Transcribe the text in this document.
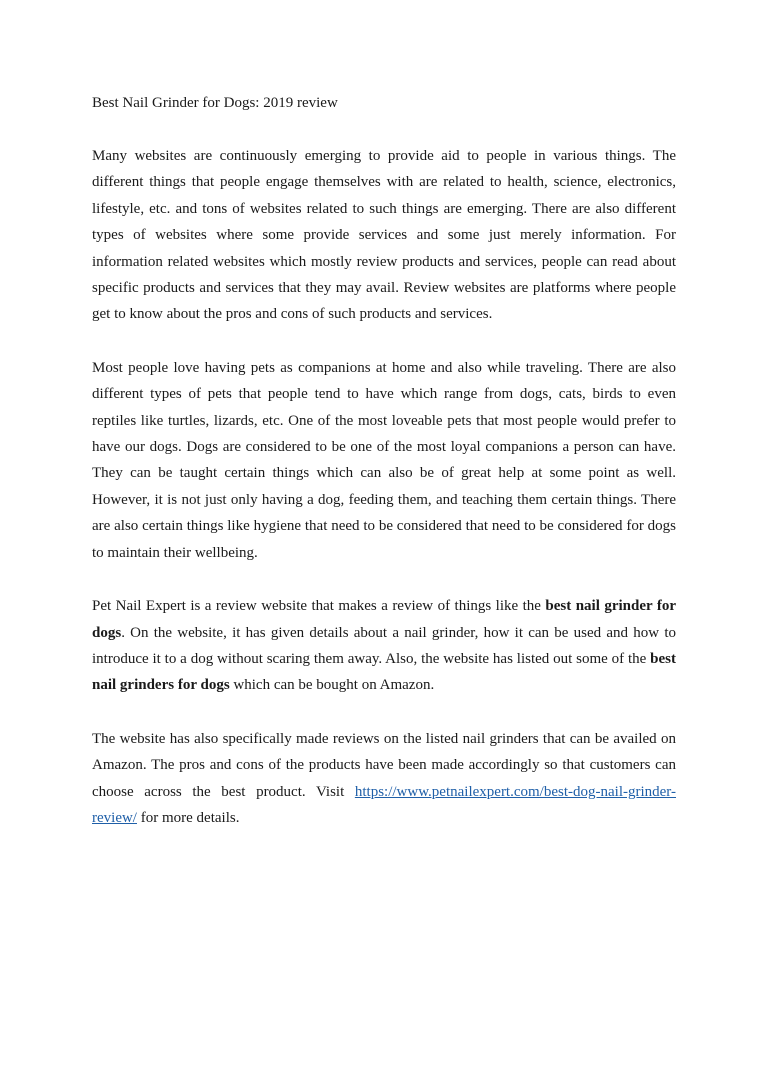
Best Nail Grinder for Dogs: 2019 review

Many websites are continuously emerging to provide aid to people in various things. The different things that people engage themselves with are related to health, science, electronics, lifestyle, etc. and tons of websites related to such things are emerging. There are also different types of websites where some provide services and some just merely information. For information related websites which mostly review products and services, people can read about specific products and services that they may avail. Review websites are platforms where people get to know about the pros and cons of such products and services.

Most people love having pets as companions at home and also while traveling. There are also different types of pets that people tend to have which range from dogs, cats, birds to even reptiles like turtles, lizards, etc. One of the most loveable pets that most people would prefer to have our dogs. Dogs are considered to be one of the most loyal companions a person can have. They can be taught certain things which can also be of great help at some point as well. However, it is not just only having a dog, feeding them, and teaching them certain things. There are also certain things like hygiene that need to be considered that need to be considered for dogs to maintain their wellbeing.

Pet Nail Expert is a review website that makes a review of things like the best nail grinder for dogs. On the website, it has given details about a nail grinder, how it can be used and how to introduce it to a dog without scaring them away. Also, the website has listed out some of the best nail grinders for dogs which can be bought on Amazon.

The website has also specifically made reviews on the listed nail grinders that can be availed on Amazon. The pros and cons of the products have been made accordingly so that customers can choose across the best product. Visit https://www.petnailexpert.com/best-dog-nail-grinder-review/ for more details.
